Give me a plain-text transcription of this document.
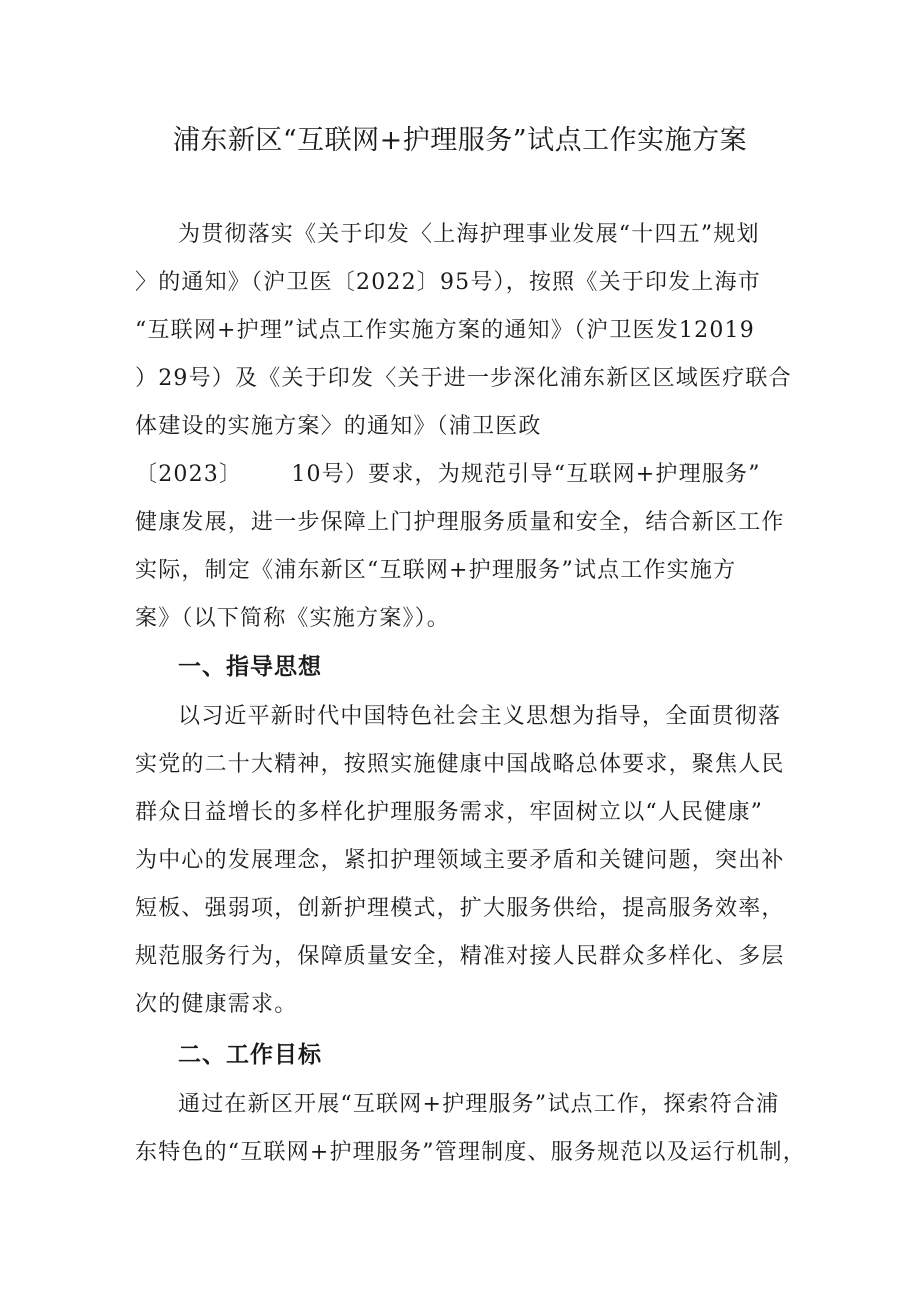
浦东新区“互联网+护理服务”试点工作实施方案
为贯彻落实《关于印发〈上海护理事业发展“十四五”规划
〉的通知》（沪卫医〔2022〕95号），按照《关于印发上海市
“互联网+护理”试点工作实施方案的通知》（沪卫医发12019
）29号）及《关于印发〈关于进一步深化浦东新区区域医疗联合
体建设的实施方案〉的通知》（浦卫医政
〔2023〕      10号）要求，为规范引导“互联网+护理服务”
健康发展，进一步保障上门护理服务质量和安全，结合新区工作
实际，制定《浦东新区“互联网+护理服务”试点工作实施方
案》（以下简称《实施方案》）。
一、指导思想
以习近平新时代中国特色社会主义思想为指导，全面贯彻落
实党的二十大精神，按照实施健康中国战略总体要求，聚焦人民
群众日益增长的多样化护理服务需求，牢固树立以“人民健康”
为中心的发展理念，紧扣护理领域主要矛盾和关键问题，突出补
短板、强弱项，创新护理模式，扩大服务供给，提高服务效率，
规范服务行为，保障质量安全，精准对接人民群众多样化、多层
次的健康需求。
二、工作目标
通过在新区开展“互联网+护理服务”试点工作，探索符合浦
东特色的“互联网+护理服务”管理制度、服务规范以及运行机制，
